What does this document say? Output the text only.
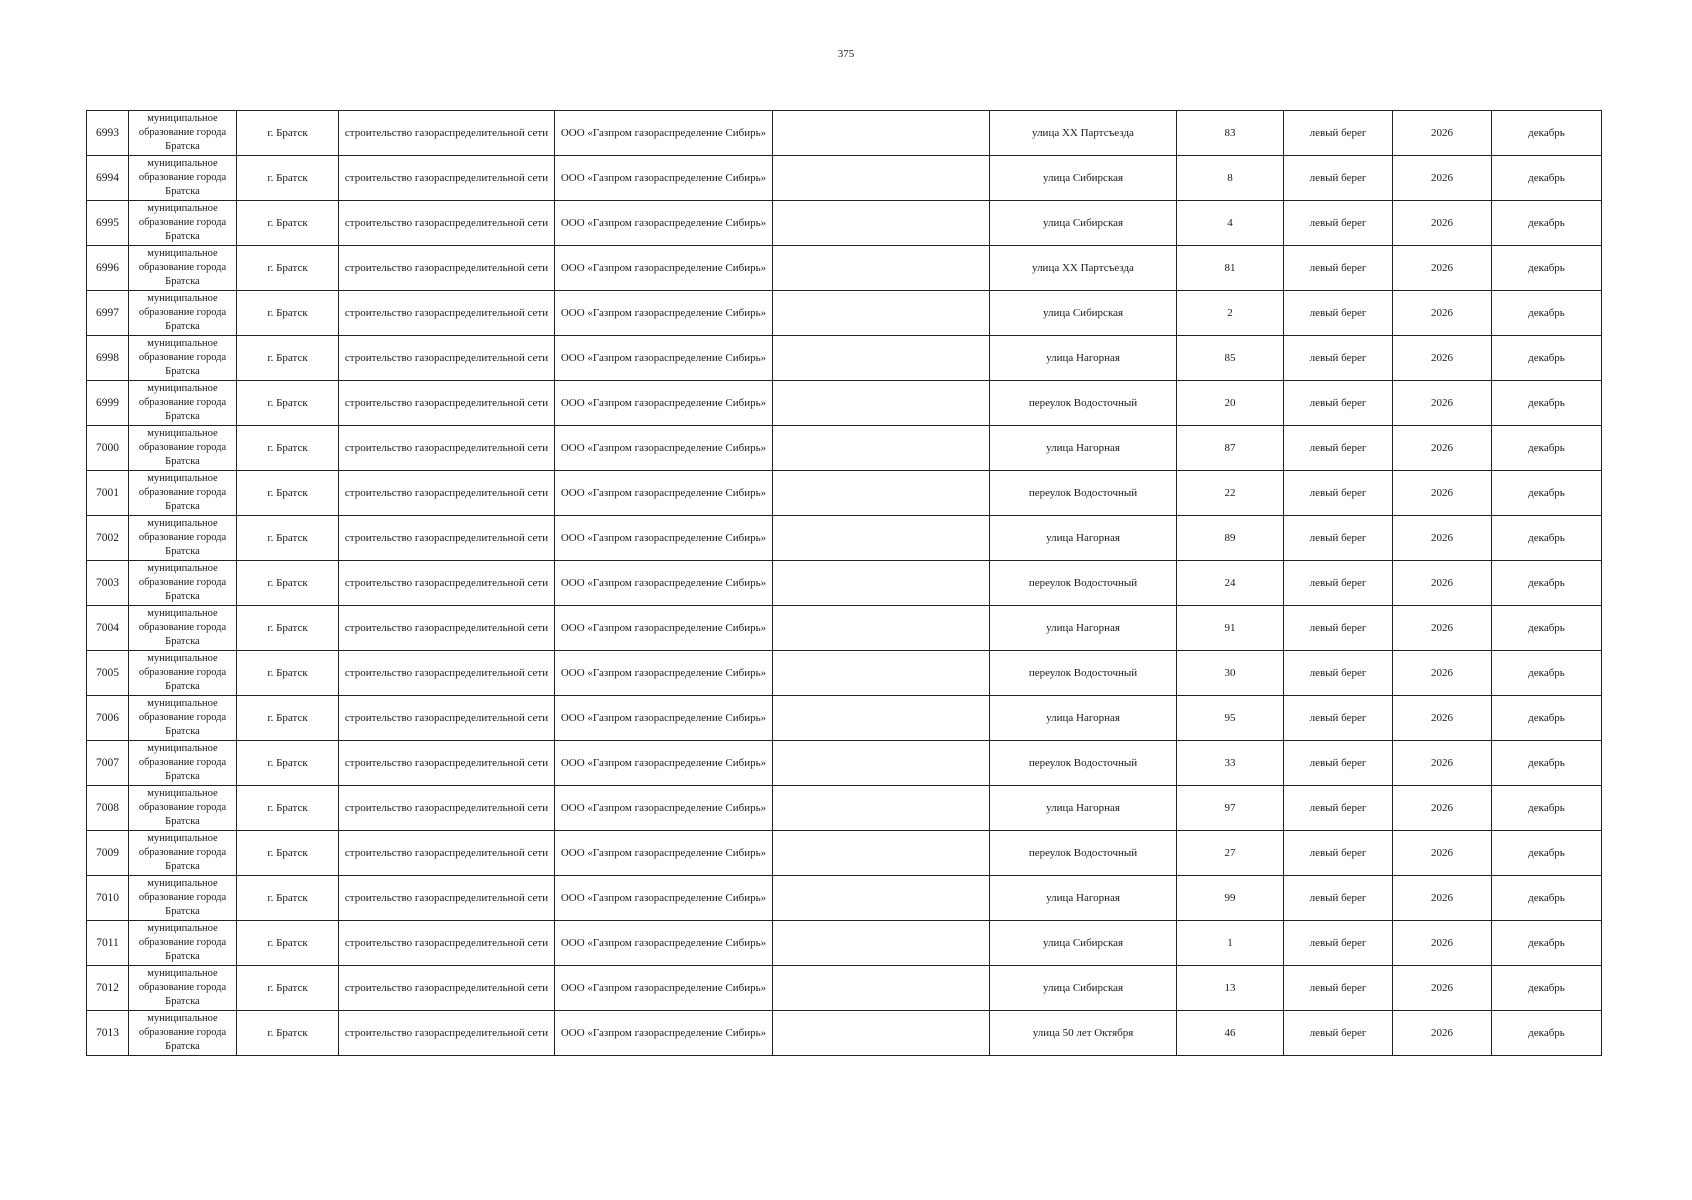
375
6993	муниципальное образование города Братска	г. Братск	строительство газораспределительной сети	ООО «Газпром газораспределение Сибирь»		улица XX Партсъезда	83	левый берег	2026	декабрь
6994	муниципальное образование города Братска	г. Братск	строительство газораспределительной сети	ООО «Газпром газораспределение Сибирь»		улица Сибирская	8	левый берег	2026	декабрь
6995	муниципальное образование города Братска	г. Братск	строительство газораспределительной сети	ООО «Газпром газораспределение Сибирь»		улица Сибирская	4	левый берег	2026	декабрь
6996	муниципальное образование города Братска	г. Братск	строительство газораспределительной сети	ООО «Газпром газораспределение Сибирь»		улица XX Партсъезда	81	левый берег	2026	декабрь
6997	муниципальное образование города Братска	г. Братск	строительство газораспределительной сети	ООО «Газпром газораспределение Сибирь»		улица Сибирская	2	левый берег	2026	декабрь
6998	муниципальное образование города Братска	г. Братск	строительство газораспределительной сети	ООО «Газпром газораспределение Сибирь»		улица Нагорная	85	левый берег	2026	декабрь
6999	муниципальное образование города Братска	г. Братск	строительство газораспределительной сети	ООО «Газпром газораспределение Сибирь»		переулок Водосточный	20	левый берег	2026	декабрь
7000	муниципальное образование города Братска	г. Братск	строительство газораспределительной сети	ООО «Газпром газораспределение Сибирь»		улица Нагорная	87	левый берег	2026	декабрь
7001	муниципальное образование города Братска	г. Братск	строительство газораспределительной сети	ООО «Газпром газораспределение Сибирь»		переулок Водосточный	22	левый берег	2026	декабрь
7002	муниципальное образование города Братска	г. Братск	строительство газораспределительной сети	ООО «Газпром газораспределение Сибирь»		улица Нагорная	89	левый берег	2026	декабрь
7003	муниципальное образование города Братска	г. Братск	строительство газораспределительной сети	ООО «Газпром газораспределение Сибирь»		переулок Водосточный	24	левый берег	2026	декабрь
7004	муниципальное образование города Братска	г. Братск	строительство газораспределительной сети	ООО «Газпром газораспределение Сибирь»		улица Нагорная	91	левый берег	2026	декабрь
7005	муниципальное образование города Братска	г. Братск	строительство газораспределительной сети	ООО «Газпром газораспределение Сибирь»		переулок Водосточный	30	левый берег	2026	декабрь
7006	муниципальное образование города Братска	г. Братск	строительство газораспределительной сети	ООО «Газпром газораспределение Сибирь»		улица Нагорная	95	левый берег	2026	декабрь
7007	муниципальное образование города Братска	г. Братск	строительство газораспределительной сети	ООО «Газпром газораспределение Сибирь»		переулок Водосточный	33	левый берег	2026	декабрь
7008	муниципальное образование города Братска	г. Братск	строительство газораспределительной сети	ООО «Газпром газораспределение Сибирь»		улица Нагорная	97	левый берег	2026	декабрь
7009	муниципальное образование города Братска	г. Братск	строительство газораспределительной сети	ООО «Газпром газораспределение Сибирь»		переулок Водосточный	27	левый берег	2026	декабрь
7010	муниципальное образование города Братска	г. Братск	строительство газораспределительной сети	ООО «Газпром газораспределение Сибирь»		улица Нагорная	99	левый берег	2026	декабрь
7011	муниципальное образование города Братска	г. Братск	строительство газораспределительной сети	ООО «Газпром газораспределение Сибирь»		улица Сибирская	1	левый берег	2026	декабрь
7012	муниципальное образование города Братска	г. Братск	строительство газораспределительной сети	ООО «Газпром газораспределение Сибирь»		улица Сибирская	13	левый берег	2026	декабрь
7013	муниципальное образование города Братска	г. Братск	строительство газораспределительной сети	ООО «Газпром газораспределение Сибирь»		улица 50 лет Октября	46	левый берег	2026	декабрь
